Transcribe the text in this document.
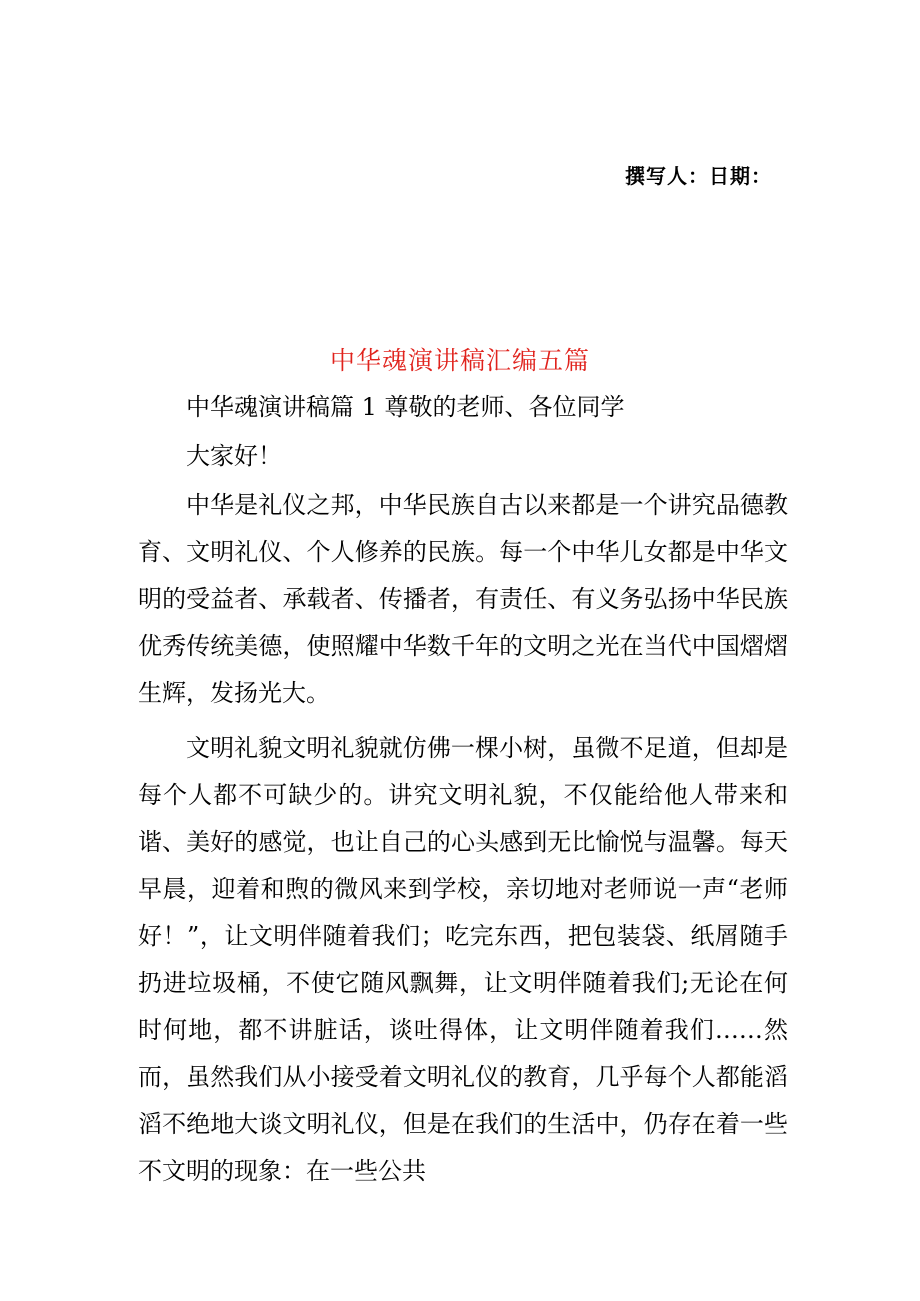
撰写人：日期：
中华魂演讲稿汇编五篇

中华魂演讲稿篇 1 尊敬的老师、各位同学

大家好！

中华是礼仪之邦，中华民族自古以来都是一个讲究品德教育、文明礼仪、个人修养的民族。每一个中华儿女都是中华文明的受益者、承载者、传播者，有责任、有义务弘扬中华民族优秀传统美德，使照耀中华数千年的文明之光在当代中国熠熠生辉，发扬光大。

文明礼貌文明礼貌就仿佛一棵小树，虽微不足道，但却是每个人都不可缺少的。讲究文明礼貌，不仅能给他人带来和谐、美好的感觉，也让自己的心头感到无比愉悦与温馨。每天早晨，迎着和煦的微风来到学校，亲切地对老师说一声“老师好！”，让文明伴随着我们；吃完东西，把包装袋、纸屑随手扔进垃圾桶，不使它随风飘舞，让文明伴随着我们;无论在何时何地，都不讲脏话，谈吐得体，让文明伴随着我们……然而，虽然我们从小接受着文明礼仪的教育，几乎每个人都能滔滔不绝地大谈文明礼仪，但是在我们的生活中，仍存在着一些不文明的现象：在一些公共
